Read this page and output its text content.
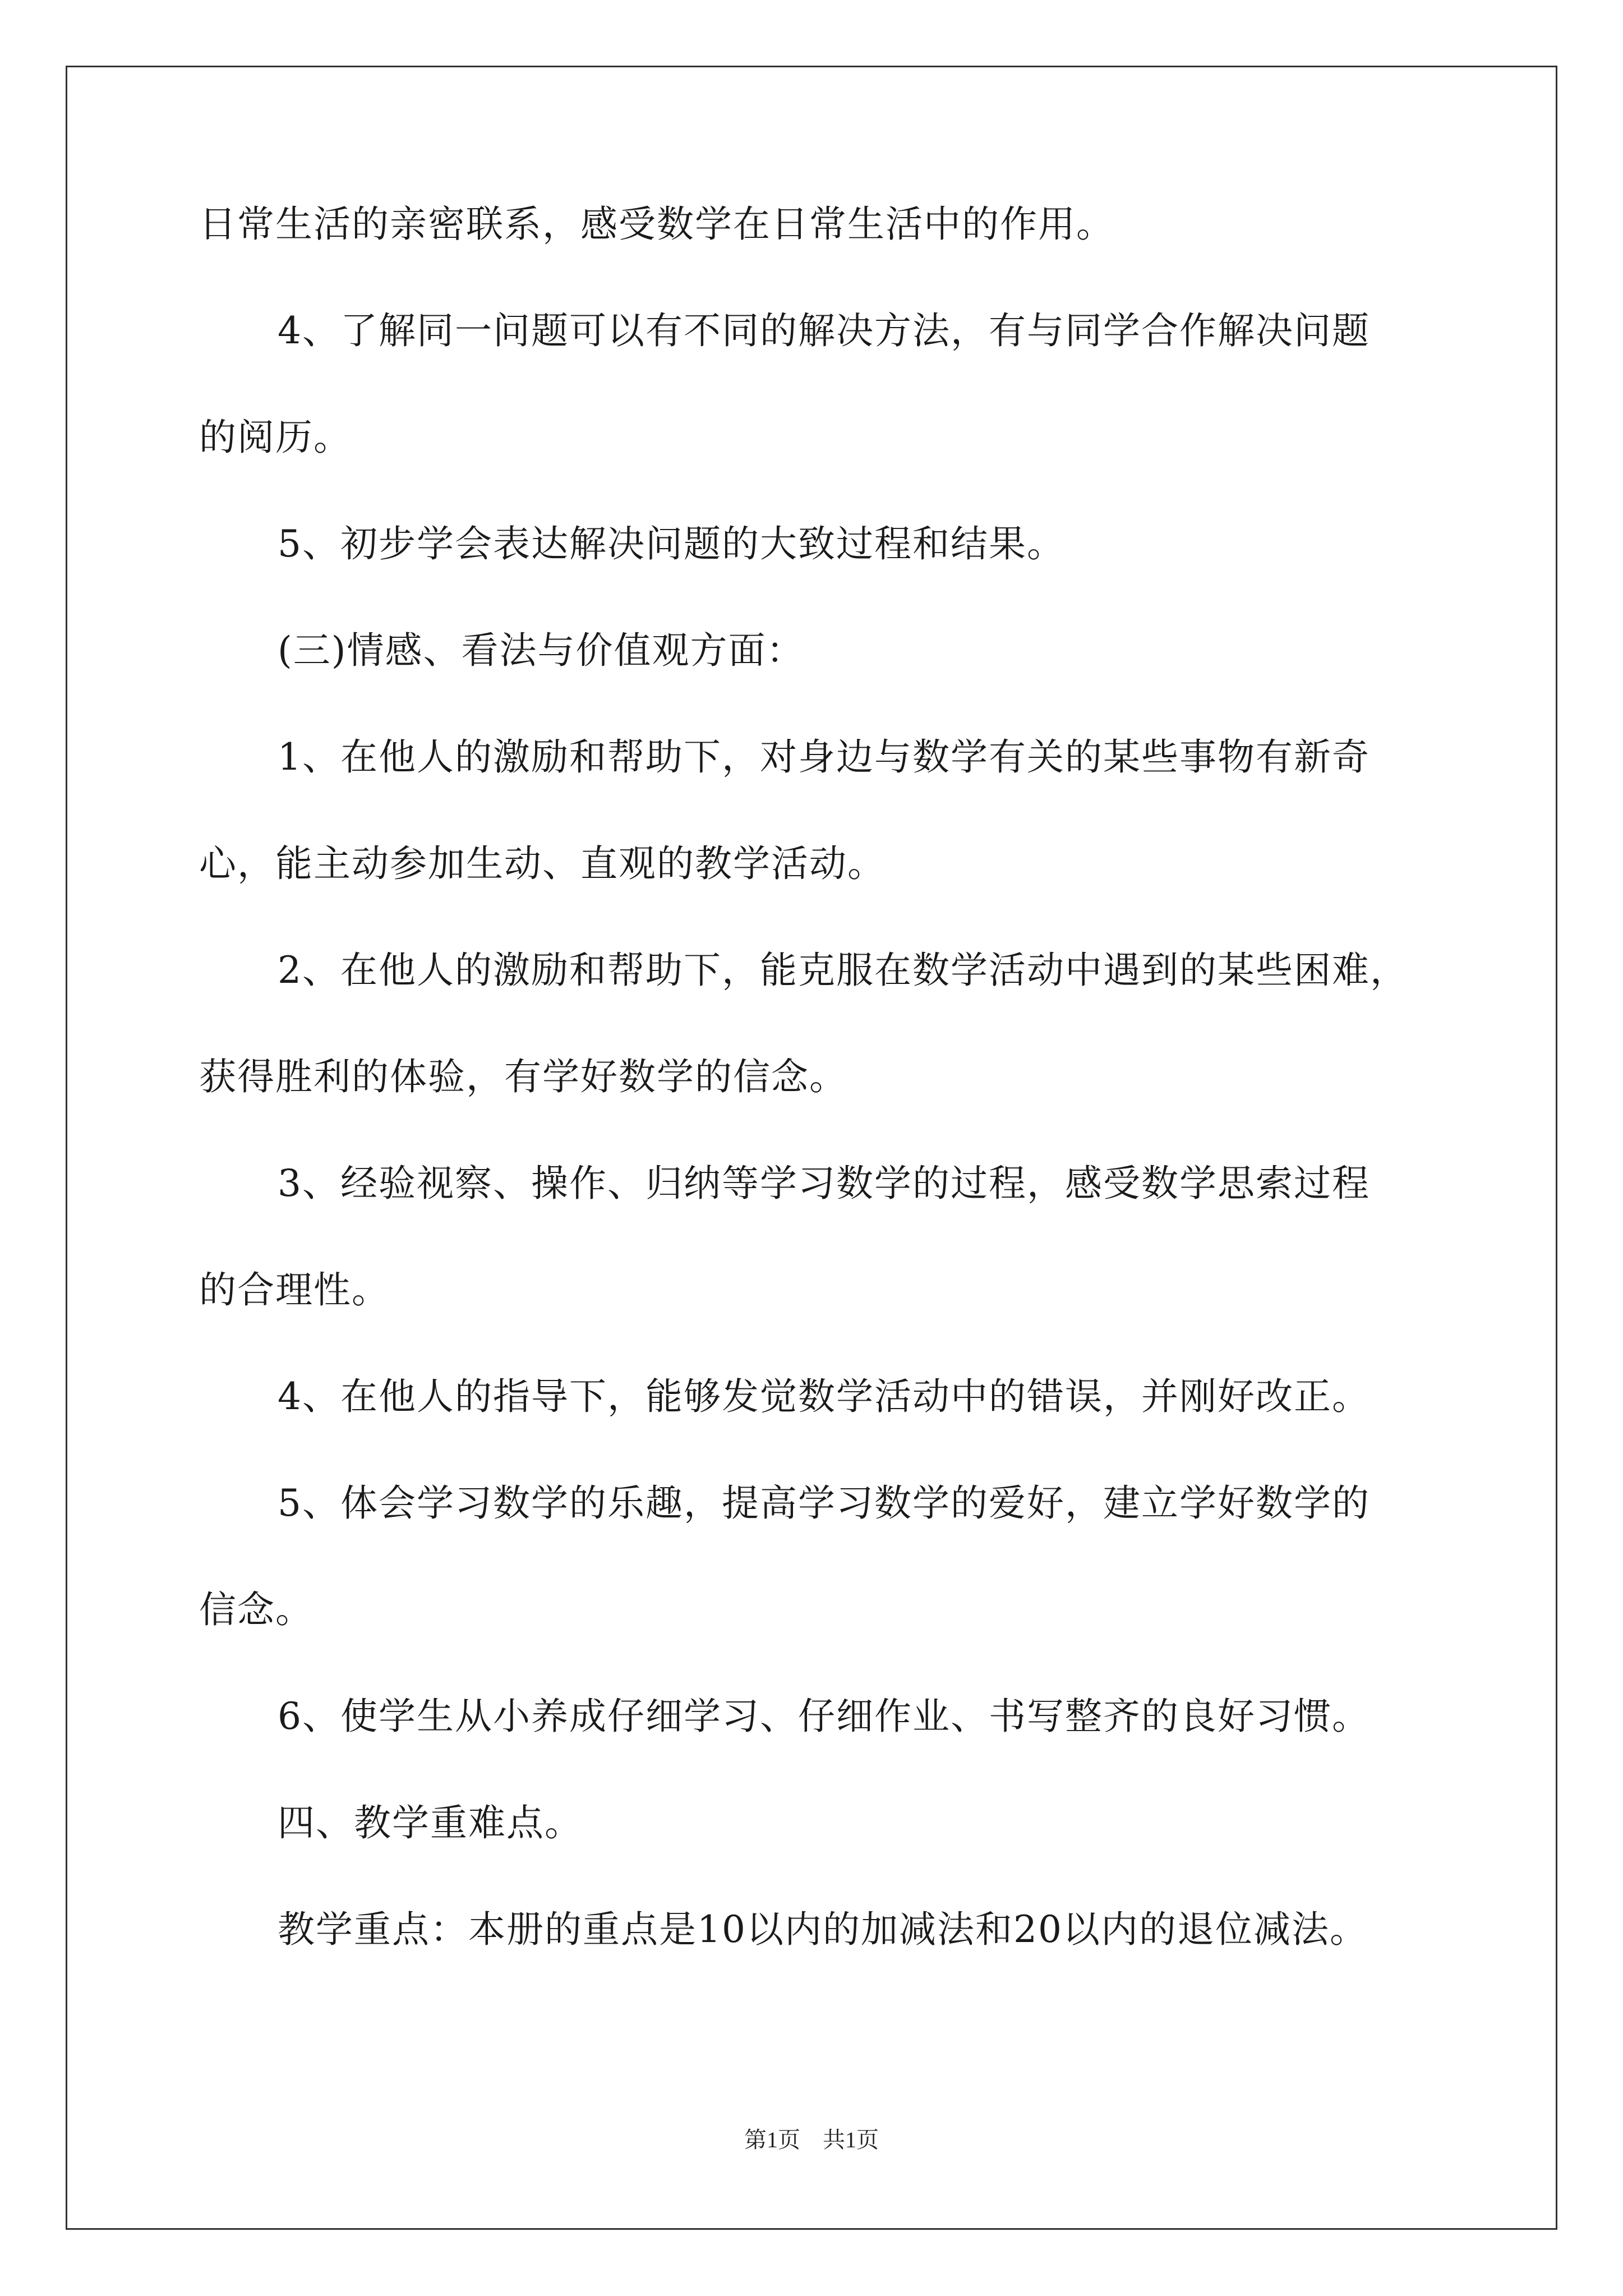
日常生活的亲密联系，感受数学在日常生活中的作用。
4、了解同一问题可以有不同的解决方法，有与同学合作解决问题
的阅历。
5、初步学会表达解决问题的大致过程和结果。
(三)情感、看法与价值观方面：
1、在他人的激励和帮助下，对身边与数学有关的某些事物有新奇
心，能主动参加生动、直观的教学活动。
2、在他人的激励和帮助下，能克服在数学活动中遇到的某些困难，
获得胜利的体验，有学好数学的信念。
3、经验视察、操作、归纳等学习数学的过程，感受数学思索过程
的合理性。
4、在他人的指导下，能够发觉数学活动中的错误，并刚好改正。
5、体会学习数学的乐趣，提高学习数学的爱好，建立学好数学的
信念。
6、使学生从小养成仔细学习、仔细作业、书写整齐的良好习惯。
四、教学重难点。
教学重点：本册的重点是10以内的加减法和20以内的退位减法。
第1页 共1页
